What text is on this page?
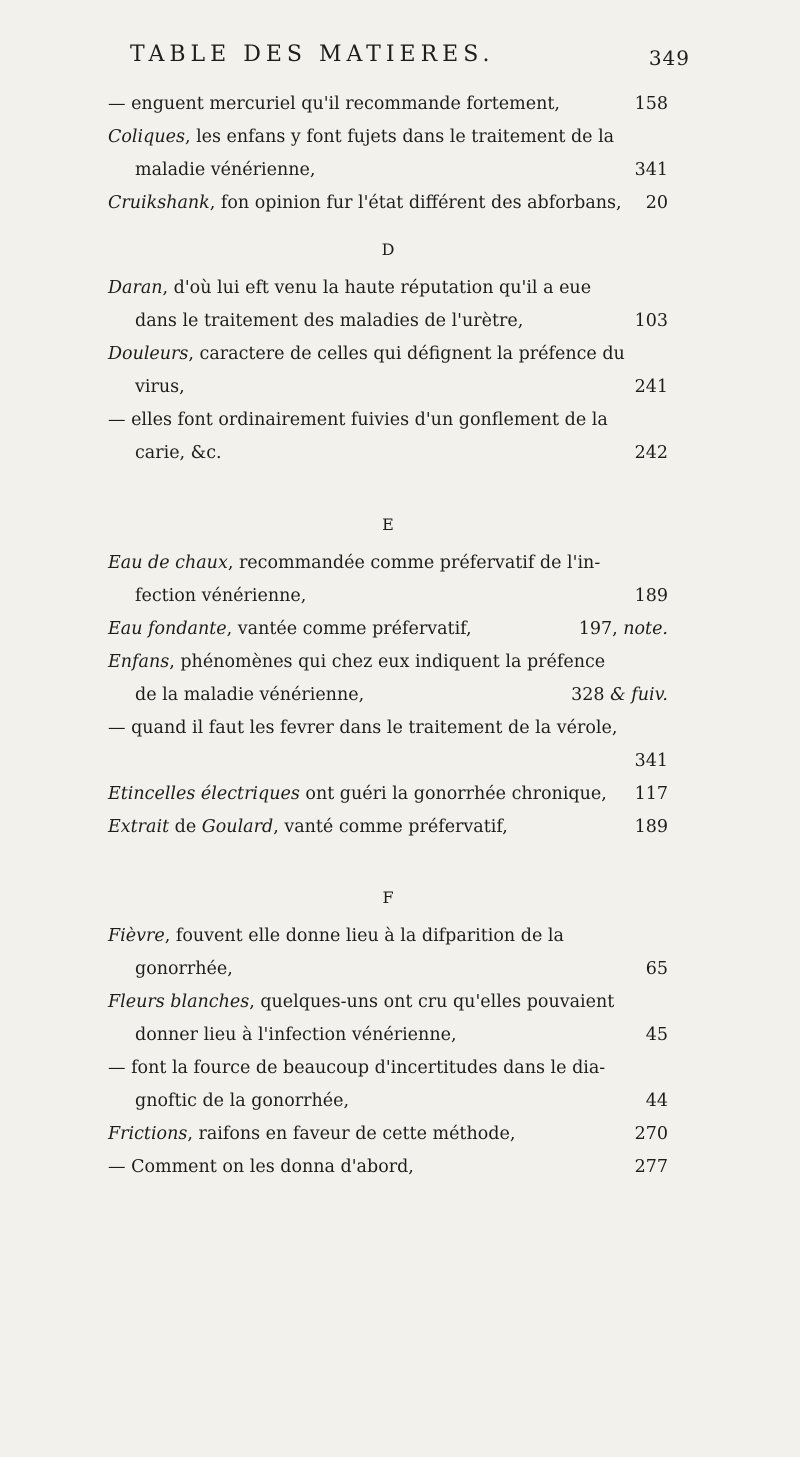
TABLE DES MATIERES.	349
— enguent mercuriel qu'il recommande fortement,	158
Coliques, les enfans y font fujets dans le traitement de la
maladie vénérienne,	341
Cruikshank, fon opinion fur l'état différent des abforbans, 20
D
Daran, d'où lui eft venu la haute réputation qu'il a eue
dans le traitement des maladies de l'urètre,	103
Douleurs, caractere de celles qui défignent la préfence du
virus,	241
— elles font ordinairement fuivies d'un gonflement de la
carie, &c.	242
E
Eau de chaux, recommandée comme préfervatif de l'in-
fection vénérienne,	189
Eau fondante, vantée comme préfervatif,	197, note.
Enfans, phénomènes qui chez eux indiquent la préfence
de la maladie vénérienne,	328 & fuiv.
— quand il faut les fevrer dans le traitement de la vérole,
341
Etincelles électriques ont guéri la gonorrhée chronique, 117
Extrait de Goulard, vanté comme préfervatif,	189
F
Fièvre, fouvent elle donne lieu à la difparition de la
gonorrhée,	65
Fleurs blanches, quelques-uns ont cru qu'elles pouvaient
donner lieu à l'infection vénérienne,	45
— font la fource de beaucoup d'incertitudes dans le dia-
gnoftic de la gonorrhée,	44
Frictions, raifons en faveur de cette méthode,	270
— Comment on les donna d'abord,	277
